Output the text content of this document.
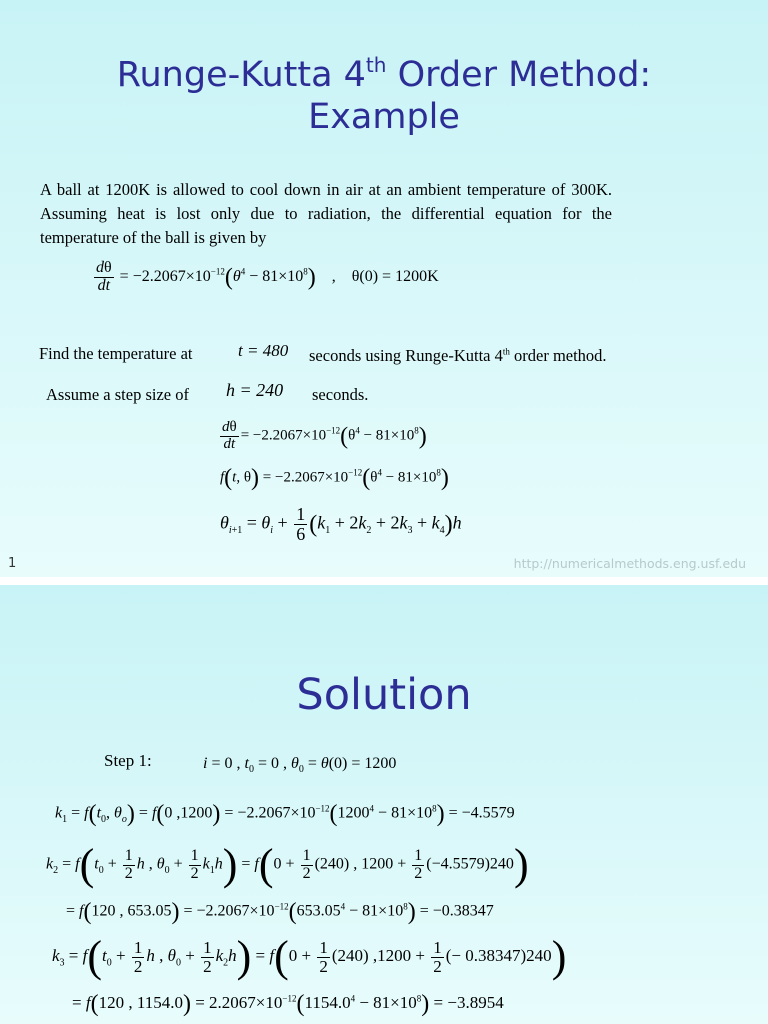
Runge-Kutta 4th Order Method:
Example
A ball at 1200K is allowed to cool down in air at an ambient temperature of 300K. Assuming heat is lost only due to radiation, the differential equation for the temperature of the ball is given by
$\frac{d\theta}{dt} = -2.2067\times 10^{-12}(\theta^4 - 81\times 10^8)$    ,    θ(0) = 1200K
Find the temperature at	t = 480 seconds using Runge-Kutta 4th order method.
Assume a step size of h = 240 seconds.
$\frac{d\theta}{dt} = -2.2067\times 10^{-12}(\theta^4 - 81\times 10^8)$
f(t, $\theta) = -2.2067\times 10^{-12}(\theta^4 - 81\times 10^8)$
$\theta_{i+1} = \theta_i + \frac{1}{6} (k_1 + 2k_2 + 2k_3 + k_4)h$
1	http://numericalmethods.eng.usf.edu
Solution
Step 1:	i = 0 , $t_0 = 0$ , $\theta_0 = \theta(0) = 1200$
$k_1 = f(t_0$, $\theta_o) = f(0$ $,1200) = -2.2067\times 10^{-12}(1200^4 - 81\times 10^8) = -4.5579$
$k_2 = f(t_0 + \frac{1}{2}$ h , $\theta_0 + \frac{1}{2} k_1h) = f(0 + \frac{1}{2} (240)$ , $1200 + \frac{1}{2} (-4.5579)240$)
= f(120 , $653.05) = -2.2067\times 10^{-12}(653.05^4 - 81\times 10^8) = -0.38347$
$k_3 = f(t_0 + \frac{1}{2}$ h , $\theta_0 + \frac{1}{2} k_2h) = f(0 + \frac{1}{2} (240) ,1200 + \frac{1}{2}$ (− 0.38347)240)
= f(120 , $1154.0) = 2.2067\times 10^{-12}(1154.0^4 - 81\times 10^8) = -3.8954$
